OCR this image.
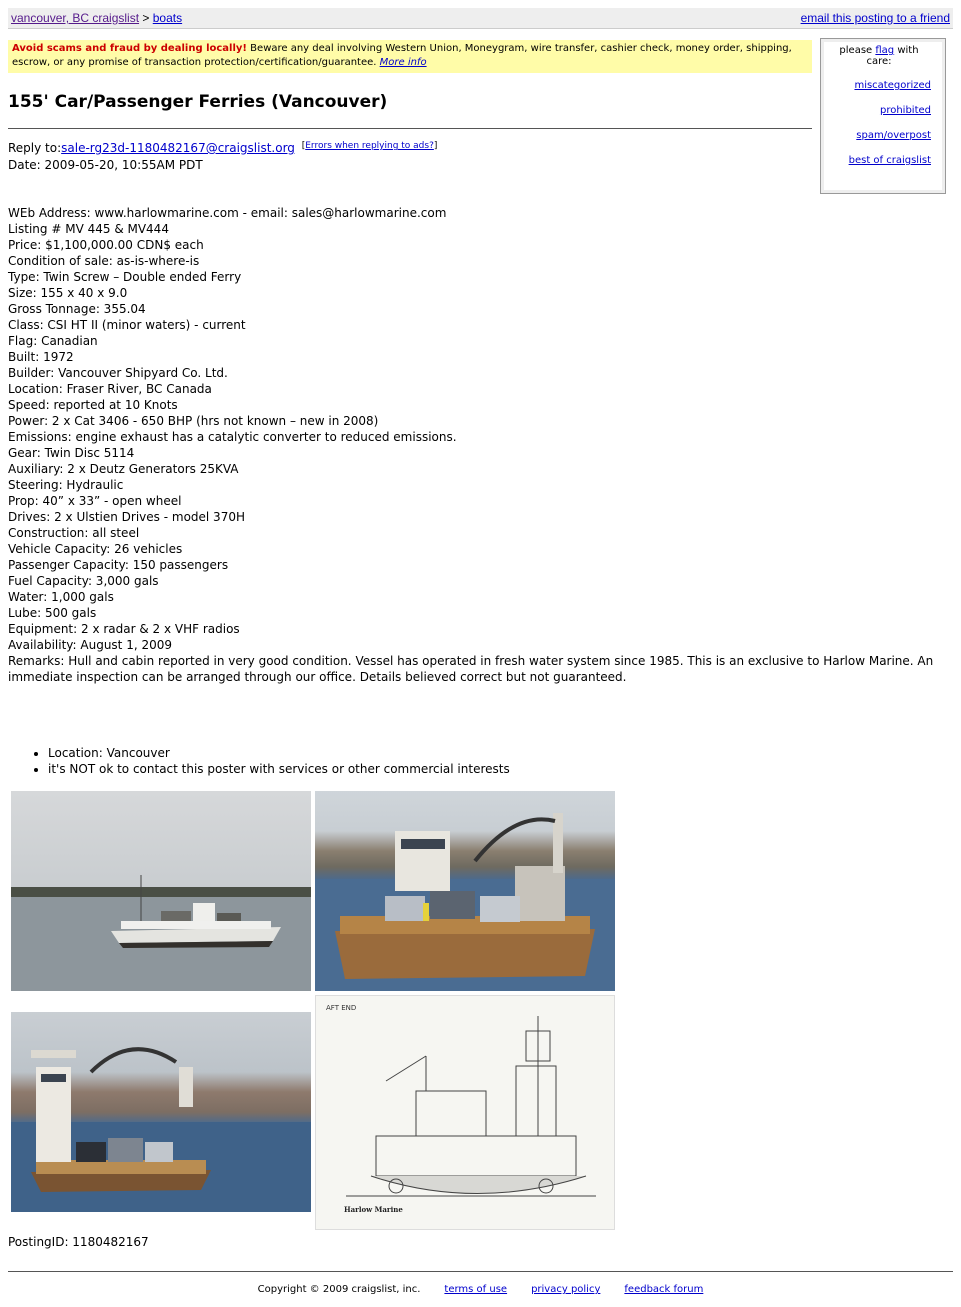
vancouver, BC craigslist > boats	email this posting to a friend
Avoid scams and fraud by dealing locally! Beware any deal involving Western Union, Moneygram, wire transfer, cashier check, money order, shipping, escrow, or any promise of transaction protection/certification/guarantee. More info
please flag with care:
miscategorized
prohibited
spam/overpost
best of craigslist
155' Car/Passenger Ferries (Vancouver)
Reply to:sale-rg23d-1180482167@craigslist.org [Errors when replying to ads?]
Date: 2009-05-20, 10:55AM PDT
WEb Address: www.harlowmarine.com - email: sales@harlowmarine.com
Listing # MV 445 & MV444
Price: $1,100,000.00 CDN$ each
Condition of sale: as-is-where-is
Type: Twin Screw – Double ended Ferry
Size: 155 x 40 x 9.0
Gross Tonnage: 355.04
Class: CSI HT II (minor waters) - current
Flag: Canadian
Built: 1972
Builder: Vancouver Shipyard Co. Ltd.
Location: Fraser River, BC Canada
Speed: reported at 10 Knots
Power: 2 x Cat 3406 - 650 BHP (hrs not known – new in 2008)
Emissions: engine exhaust has a catalytic converter to reduced emissions.
Gear: Twin Disc 5114
Auxiliary: 2 x Deutz Generators 25KVA
Steering: Hydraulic
Prop: 40” x 33” - open wheel
Drives: 2 x Ulstien Drives - model 370H
Construction: all steel
Vehicle Capacity: 26 vehicles
Passenger Capacity: 150 passengers
Fuel Capacity: 3,000 gals
Water: 1,000 gals
Lube: 500 gals
Equipment: 2 x radar & 2 x VHF radios
Availability: August 1, 2009
Remarks: Hull and cabin reported in very good condition. Vessel has operated in fresh water system since 1985. This is an exclusive to Harlow Marine. An immediate inspection can be arranged through our office. Details believed correct but not guaranteed.
• Location: Vancouver
• it's NOT ok to contact this poster with services or other commercial interests
AFT END
Harlow Marine
PostingID: 1180482167
Copyright © 2009 craigslist, inc. terms of use privacy policy feedback forum
